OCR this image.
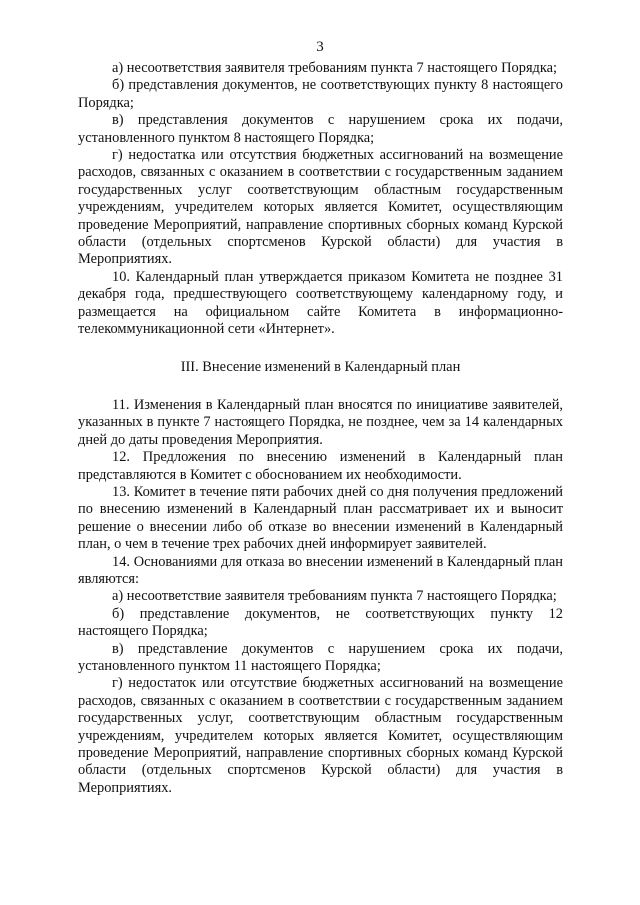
3

а) несоответствия заявителя требованиям пункта 7 настоящего Порядка;

б) представления документов, не соответствующих пункту 8 настоящего Порядка;

в) представления документов с нарушением срока их подачи, установленного пунктом 8 настоящего Порядка;

г) недостатка или отсутствия бюджетных ассигнований на возмещение расходов, связанных с оказанием в соответствии с государственным заданием государственных услуг соответствующим областным государственным учреждениям, учредителем которых является Комитет, осуществляющим проведение Мероприятий, направление спортивных сборных команд Курской области (отдельных спортсменов Курской области) для участия в Мероприятиях.

10. Календарный план утверждается приказом Комитета не позднее 31 декабря года, предшествующего соответствующему календарному году, и размещается на официальном сайте Комитета в информационно-телекоммуникационной сети «Интернет».

III. Внесение изменений в Календарный план

11. Изменения в Календарный план вносятся по инициативе заявителей, указанных в пункте 7 настоящего Порядка, не позднее, чем за 14 календарных дней до даты проведения Мероприятия.

12. Предложения по внесению изменений в Календарный план представляются в Комитет с обоснованием их необходимости.

13. Комитет в течение пяти рабочих дней со дня получения предложений по внесению изменений в Календарный план рассматривает их и выносит решение о внесении либо об отказе во внесении изменений в Календарный план, о чем в течение трех рабочих дней информирует заявителей.

14. Основаниями для отказа во внесении изменений в Календарный план являются:

а) несоответствие заявителя требованиям пункта 7 настоящего Порядка;

б) представление документов, не соответствующих пункту 12 настоящего Порядка;

в) представление документов с нарушением срока их подачи, установленного пунктом 11 настоящего Порядка;

г) недостаток или отсутствие бюджетных ассигнований на возмещение расходов, связанных с оказанием в соответствии с государственным заданием государственных услуг, соответствующим областным государственным учреждениям, учредителем которых является Комитет, осуществляющим проведение Мероприятий, направление спортивных сборных команд Курской области (отдельных спортсменов Курской области) для участия в Мероприятиях.
